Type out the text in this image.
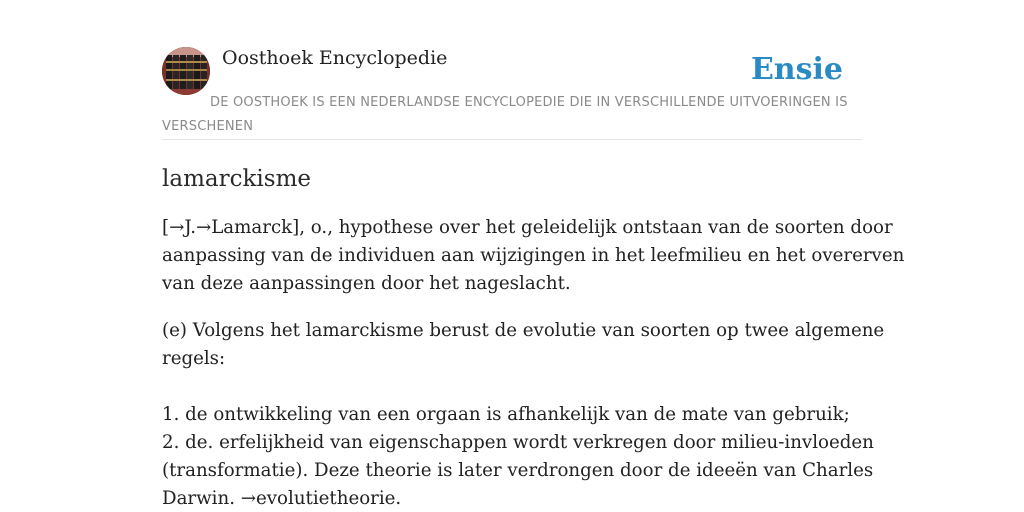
Oosthoek Encyclopedie	Ensie
DE OOSTHOEK IS EEN NEDERLANDSE ENCYCLOPEDIE DIE IN VERSCHILLENDE UITVOERINGEN IS VERSCHENEN
lamarckisme

[→J.→Lamarck], o., hypothese over het geleidelijk ontstaan van de soorten door
aanpassing van de individuen aan wijzigingen in het leefmilieu en het overerven
van deze aanpassingen door het nageslacht.

(e) Volgens het lamarckisme berust de evolutie van soorten op twee algemene
regels:
1. de ontwikkeling van een orgaan is afhankelijk van de mate van gebruik;
2. de. erfelijkheid van eigenschappen wordt verkregen door milieu-invloeden
(transformatie). Deze theorie is later verdrongen door de ideeën van Charles
Darwin. →evolutietheorie.
